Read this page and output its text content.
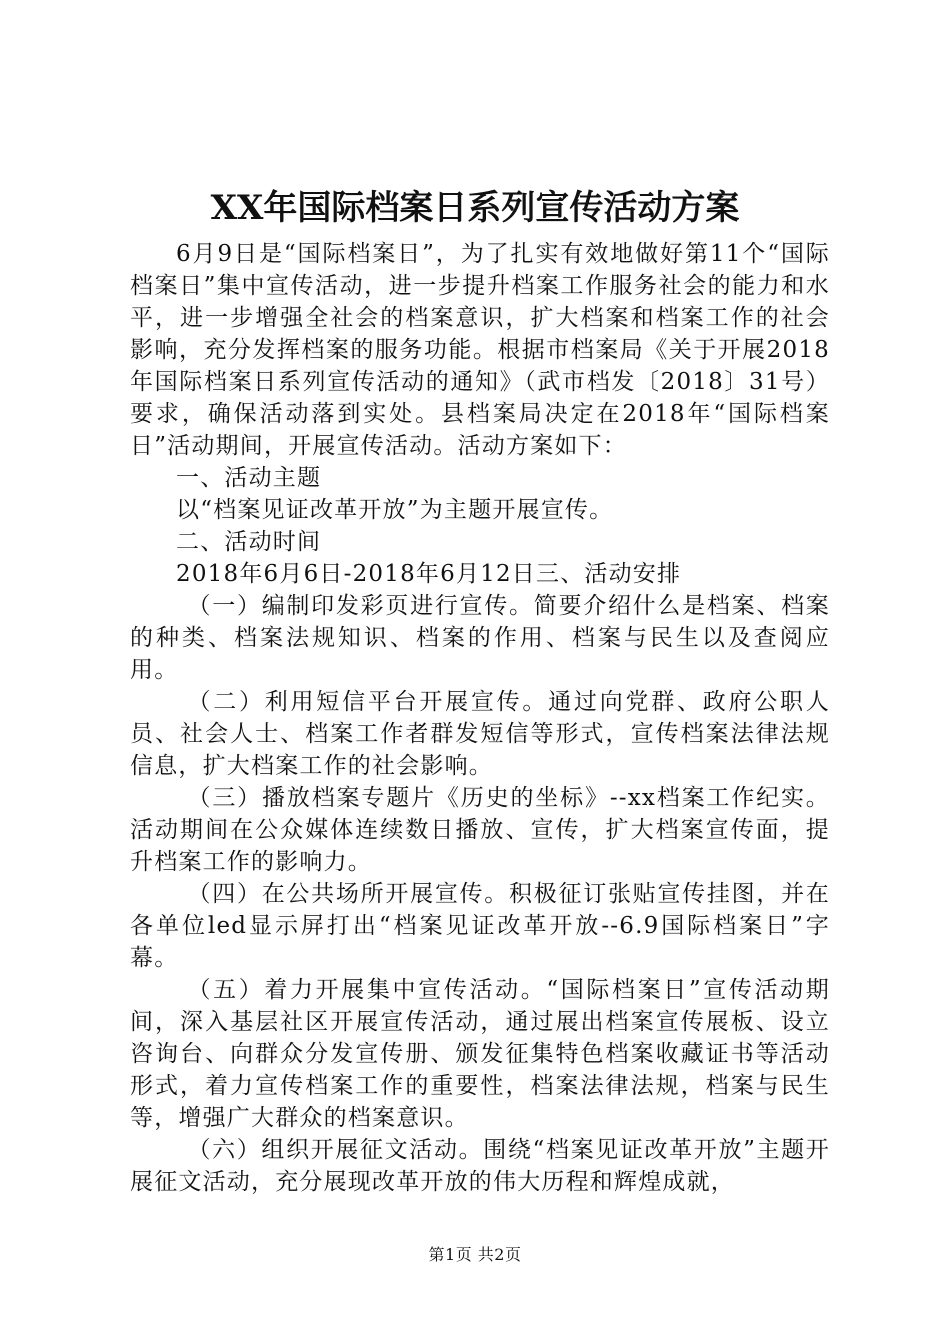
XX年国际档案日系列宣传活动方案

6月9日是“国际档案日”，为了扎实有效地做好第11个“国际档案日”集中宣传活动，进一步提升档案工作服务社会的能力和水平，进一步增强全社会的档案意识，扩大档案和档案工作的社会影响，充分发挥档案的服务功能。根据市档案局《关于开展2018年国际档案日系列宣传活动的通知》（武市档发〔2018〕31号）要求，确保活动落到实处。县档案局决定在2018年“国际档案日”活动期间，开展宣传活动。活动方案如下：

一、活动主题

以“档案见证改革开放”为主题开展宣传。

二、活动时间

2018年6月6日-2018年6月12日三、活动安排

（一）编制印发彩页进行宣传。简要介绍什么是档案、档案的种类、档案法规知识、档案的作用、档案与民生以及查阅应用。

（二）利用短信平台开展宣传。通过向党群、政府公职人员、社会人士、档案工作者群发短信等形式，宣传档案法律法规信息，扩大档案工作的社会影响。

（三）播放档案专题片《历史的坐标》--xx档案工作纪实。活动期间在公众媒体连续数日播放、宣传，扩大档案宣传面，提升档案工作的影响力。

（四）在公共场所开展宣传。积极征订张贴宣传挂图，并在各单位led显示屏打出“档案见证改革开放--6.9国际档案日”字幕。

（五）着力开展集中宣传活动。“国际档案日”宣传活动期间，深入基层社区开展宣传活动，通过展出档案宣传展板、设立咨询台、向群众分发宣传册、颁发征集特色档案收藏证书等活动形式，着力宣传档案工作的重要性，档案法律法规，档案与民生等，增强广大群众的档案意识。

（六）组织开展征文活动。围绕“档案见证改革开放”主题开展征文活动，充分展现改革开放的伟大历程和辉煌成就，

第1页 共2页
